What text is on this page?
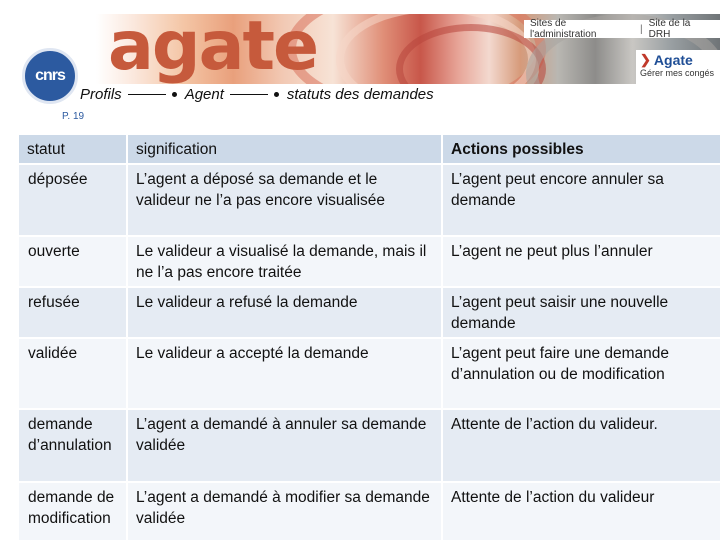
agate	Sites de l'administration	| Site de la DRH
❯ Agate
Gérer mes congés
cnrs
Profils	Agent	statuts des demandes
P. 19
statut	signification	Actions possibles
déposée	L’agent a déposé sa demande et le valideur ne l’a pas encore visualisée	L’agent peut encore annuler sa demande
ouverte	Le valideur a visualisé la demande, mais il ne l’a pas encore traitée	L’agent ne peut plus l’annuler
refusée	Le valideur a refusé la demande	L’agent peut saisir une nouvelle demande
validée	Le valideur a accepté la demande	L’agent peut faire une demande d’annulation ou de modification
demande d’annulation	L’agent a demandé à annuler sa demande validée	Attente de l’action du valideur.
demande de modification	L’agent a demandé à modifier sa demande validée	Attente de l’action du valideur
